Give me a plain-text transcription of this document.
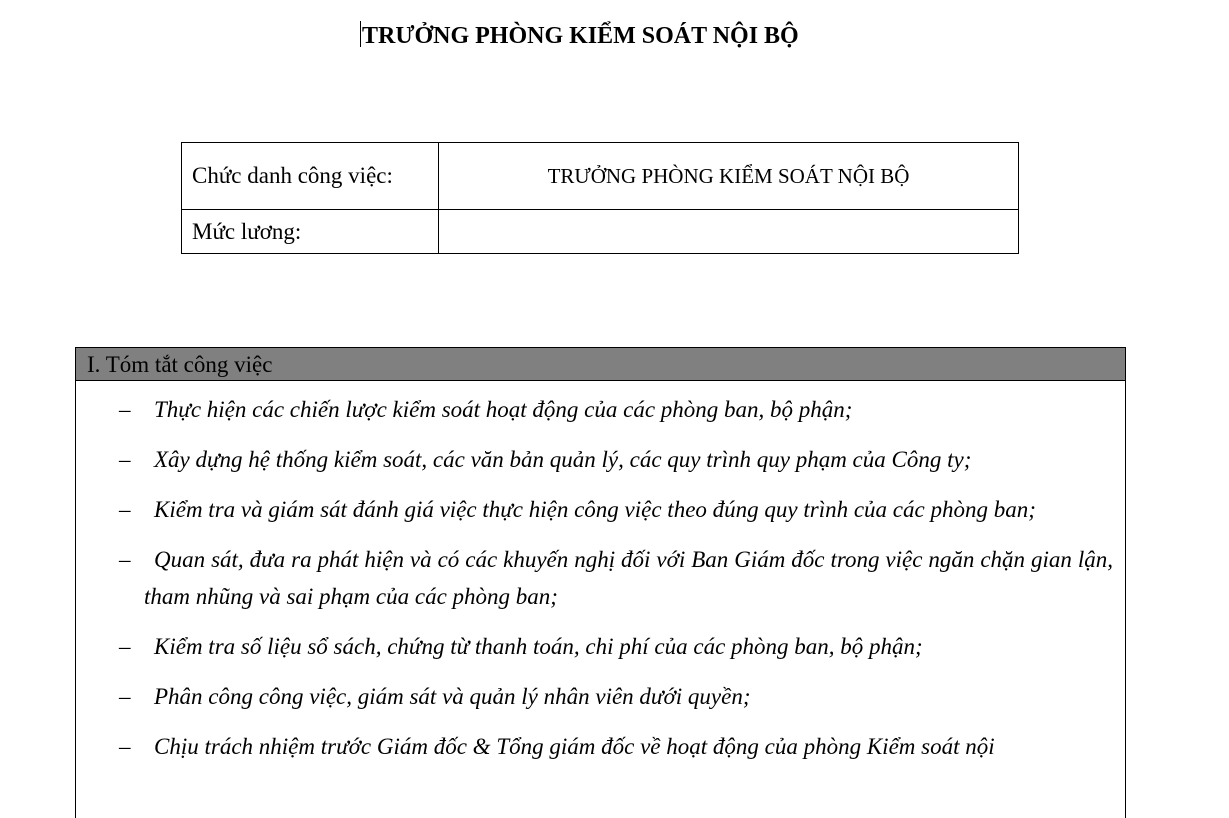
TRƯỞNG PHÒNG KIỂM SOÁT NỘI BỘ
Chức danh công việc:	TRƯỞNG PHÒNG KIỂM SOÁT NỘI BỘ
Mức lương:	
I. Tóm tắt công việc
–	Thực hiện các chiến lược kiểm soát hoạt động của các phòng ban, bộ phận;
–	Xây dựng hệ thống kiểm soát, các văn bản quản lý, các quy trình quy phạm của Công ty;
–	Kiểm tra và giám sát đánh giá việc thực hiện công việc theo đúng quy trình của các phòng ban;
–	Quan sát, đưa ra phát hiện và có các khuyến nghị đối với Ban Giám đốc trong việc ngăn chặn gian lận, tham nhũng và sai phạm của các phòng ban;
–	Kiểm tra số liệu sổ sách, chứng từ thanh toán, chi phí của các phòng ban, bộ phận;
–	Phân công công việc, giám sát và quản lý nhân viên dưới quyền;
–	Chịu trách nhiệm trước Giám đốc & Tổng giám đốc về hoạt động của phòng Kiểm soát nội
